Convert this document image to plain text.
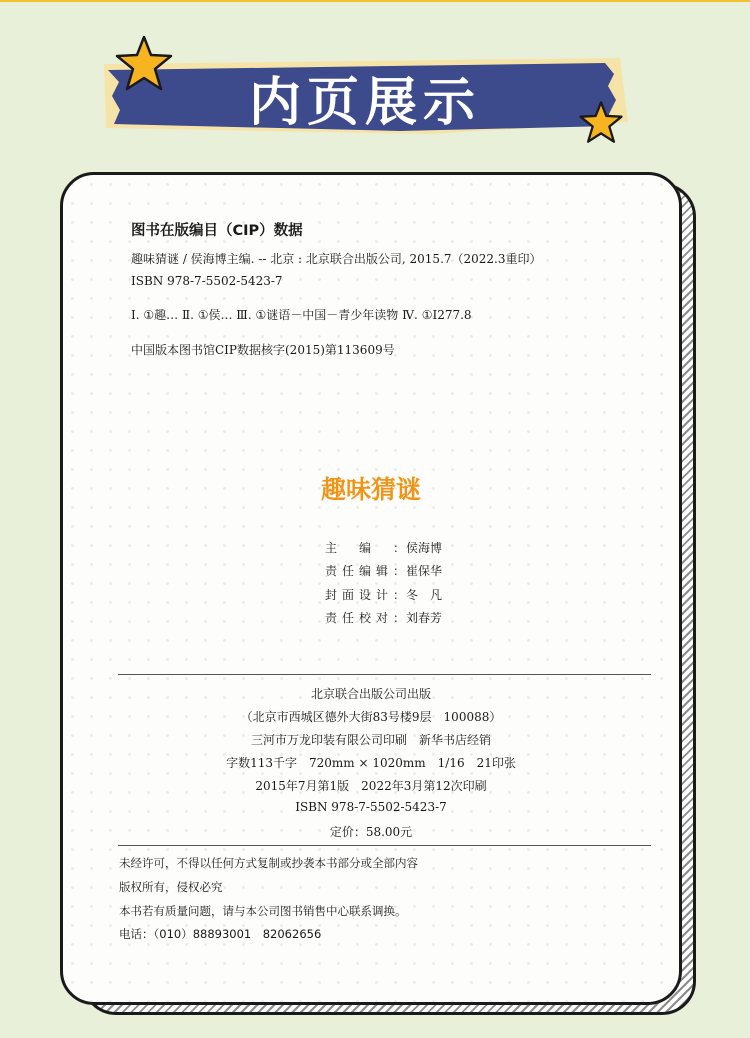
内页展示
图书在版编目（CIP）数据
趣味猜谜 / 侯海博主编. -- 北京 : 北京联合出版公司, 2015.7（2022.3重印）
ISBN 978-7-5502-5423-7
Ⅰ. ①趣… Ⅱ. ①侯… Ⅲ. ①谜语－中国－青少年读物 Ⅳ. ①I277.8
中国版本图书馆CIP数据核字(2015)第113609号
趣味猜谜
主编： 侯海博
责任编辑： 崔保华
封面设计： 冬　凡
责任校对： 刘春芳
北京联合出版公司出版
（北京市西城区德外大街83号楼9层　100088）
三河市万龙印装有限公司印刷　新华书店经销
字数113千字　720mm × 1020mm　1/16　21印张
2015年7月第1版　2022年3月第12次印刷
ISBN 978-7-5502-5423-7
定价：58.00元
未经许可，不得以任何方式复制或抄袭本书部分或全部内容
版权所有，侵权必究
本书若有质量问题，请与本公司图书销售中心联系调换。
电话：（010）88893001　82062656
